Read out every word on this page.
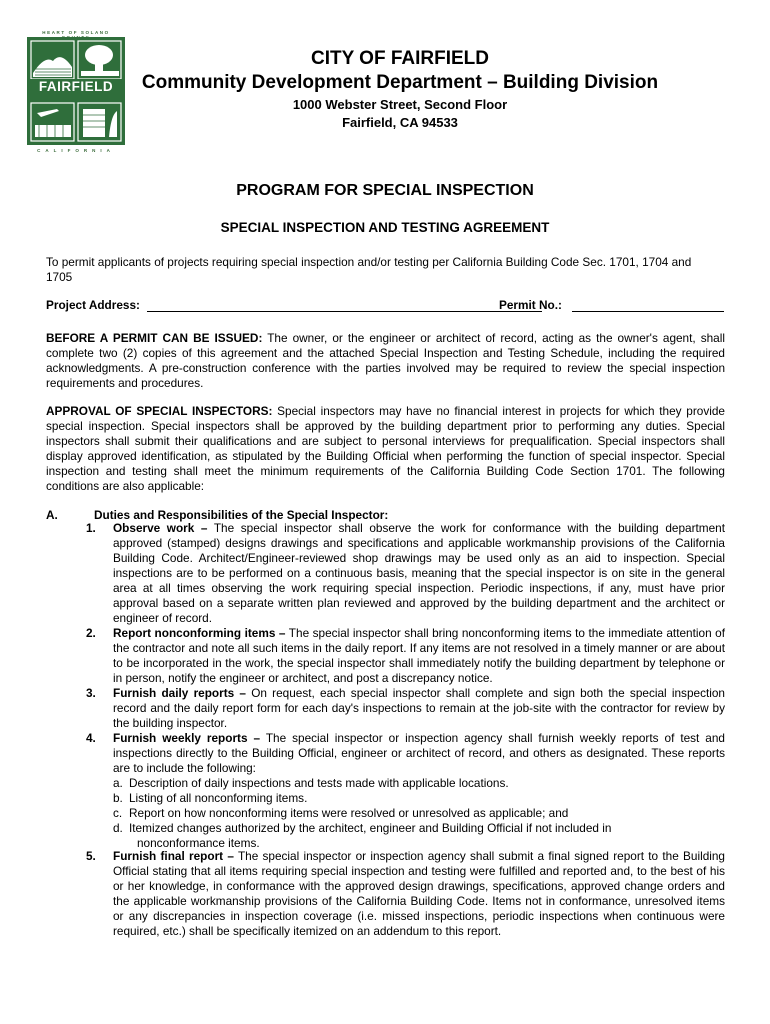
HEART OF SOLANO
FAIRFIELD
CALIFORNIA
CITY OF FAIRFIELD
Community Development Department – Building Division
1000 Webster Street, Second Floor
Fairfield, CA 94533
PROGRAM FOR SPECIAL INSPECTION
SPECIAL INSPECTION AND TESTING AGREEMENT
To permit applicants of projects requiring special inspection and/or testing per California Building Code Sec. 1701, 1704 and 1705
Project Address:	Permit No.:
BEFORE A PERMIT CAN BE ISSUED: The owner, or the engineer or architect of record, acting as the owner's agent, shall complete two (2) copies of this agreement and the attached Special Inspection and Testing Schedule, including the required acknowledgments. A pre-construction conference with the parties involved may be required to review the special inspection requirements and procedures.
APPROVAL OF SPECIAL INSPECTORS: Special inspectors may have no financial interest in projects for which they provide special inspection. Special inspectors shall be approved by the building department prior to performing any duties. Special inspectors shall submit their qualifications and are subject to personal interviews for prequalification. Special inspectors shall display approved identification, as stipulated by the Building Official when performing the function of special inspector. Special inspection and testing shall meet the minimum requirements of the California Building Code Section 1701. The following conditions are also applicable:
A.	Duties and Responsibilities of the Special Inspector:
1. Observe work – The special inspector shall observe the work for conformance with the building department approved (stamped) designs drawings and specifications and applicable workmanship provisions of the California Building Code. Architect/Engineer-reviewed shop drawings may be used only as an aid to inspection. Special inspections are to be performed on a continuous basis, meaning that the special inspector is on site in the general area at all times observing the work requiring special inspection. Periodic inspections, if any, must have prior approval based on a separate written plan reviewed and approved by the building department and the architect or engineer of record.
2. Report nonconforming items – The special inspector shall bring nonconforming items to the immediate attention of the contractor and note all such items in the daily report. If any items are not resolved in a timely manner or are about to be incorporated in the work, the special inspector shall immediately notify the building department by telephone or in person, notify the engineer or architect, and post a discrepancy notice.
3. Furnish daily reports – On request, each special inspector shall complete and sign both the special inspection record and the daily report form for each day's inspections to remain at the job-site with the contractor for review by the building inspector.
4. Furnish weekly reports – The special inspector or inspection agency shall furnish weekly reports of test and inspections directly to the Building Official, engineer or architect of record, and others as designated. These reports are to include the following:
a. Description of daily inspections and tests made with applicable locations.
b. Listing of all nonconforming items.
c. Report on how nonconforming items were resolved or unresolved as applicable; and
d. Itemized changes authorized by the architect, engineer and Building Official if not included in
nonconformance items.
5. Furnish final report – The special inspector or inspection agency shall submit a final signed report to the Building Official stating that all items requiring special inspection and testing were fulfilled and reported and, to the best of his or her knowledge, in conformance with the approved design drawings, specifications, approved change orders and the applicable workmanship provisions of the California Building Code. Items not in conformance, unresolved items or any discrepancies in inspection coverage (i.e. missed inspections, periodic inspections when continuous were required, etc.) shall be specifically itemized on an addendum to this report.
